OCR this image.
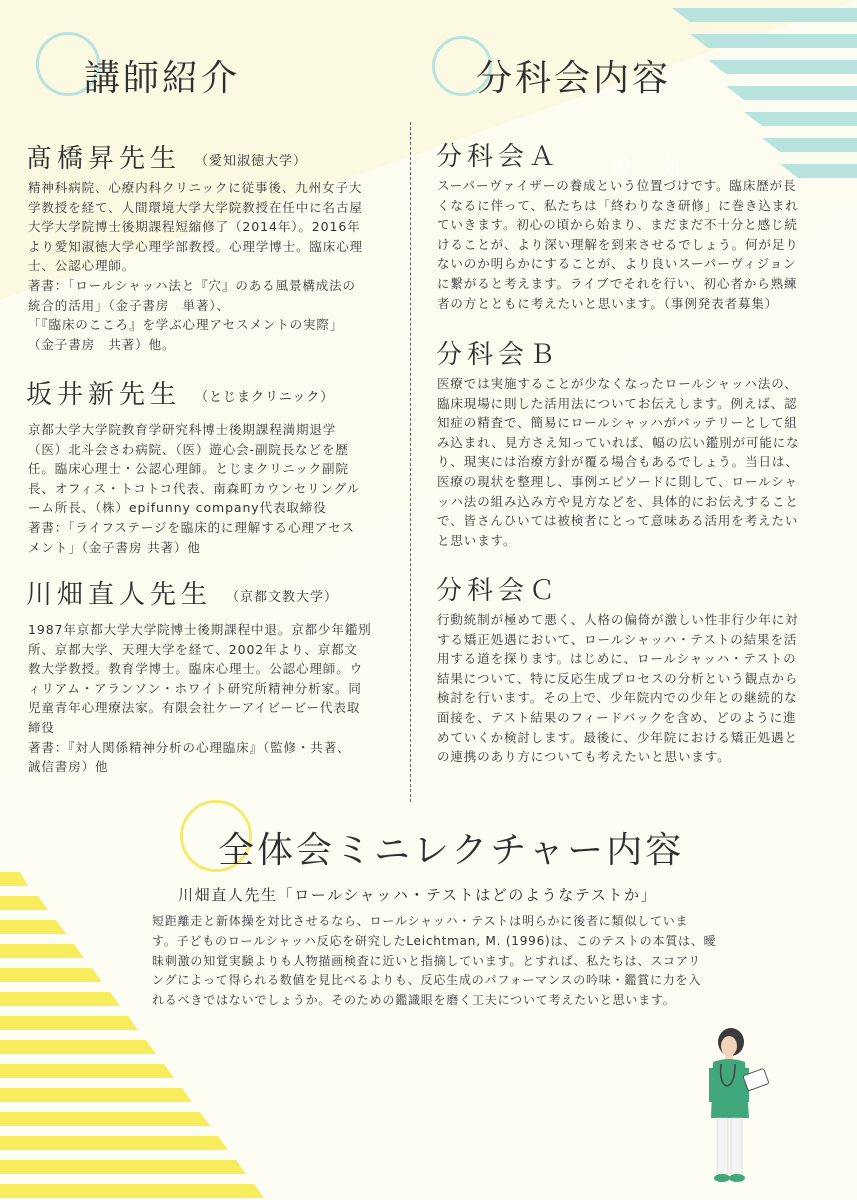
参 加
講師紹介	分科会内容
全体会ミニレクチャー内容
髙橋昇先生 （愛知淑徳大学）
精神科病院、心療内科クリニックに従事後、九州女子大
学教授を経て、人間環境大学大学院教授在任中に名古屋
大学大学院博士後期課程短縮修了（2014年）。2016年
より愛知淑徳大学心理学部教授。心理学博士。臨床心理
士、公認心理師。
著書：「ロールシャッハ法と『穴』のある風景構成法の
統合的活用」（金子書房　単著）、
「『臨床のこころ』を学ぶ心理アセスメントの実際」
（金子書房　共著）他。
坂井新先生 （とじまクリニック）
京都大学大学院教育学研究科博士後期課程満期退学
（医）北斗会さわ病院、（医）遊心会-副院長などを歴
任。臨床心理士・公認心理師。とじまクリニック副院
長、オフィス・トコトコ代表、南森町カウンセリングル
ーム所長、（株）epifunny company代表取締役
著書：「ライフステージを臨床的に理解する心理アセス
メント」（金子書房 共著）他
川畑直人先生 （京都文教大学）
1987年京都大学大学院博士後期課程中退。京都少年鑑別
所、京都大学、天理大学を経て、2002年より、京都文
教大学教授。教育学博士。臨床心理士。公認心理師。ウ
ィリアム・アランソン・ホワイト研究所精神分析家。同
児童青年心理療法家。有限会社ケーアイビービー代表取
締役
著書：『対人関係精神分析の心理臨床』（監修・共著、
誠信書房）他
分科会Ａ
スーパーヴァイザーの養成という位置づけです。臨床歴が長
くなるに伴って、私たちは「終わりなき研修」に巻き込まれ
ていきます。初心の頃から始まり、まだまだ不十分と感じ続
けることが、より深い理解を到来させるでしょう。何が足り
ないのか明らかにすることが、より良いスーパーヴィジョン
に繋がると考えます。ライブでそれを行い、初心者から熟練
者の方とともに考えたいと思います。（事例発表者募集）
分科会Ｂ
医療では実施することが少なくなったロールシャッハ法の、
臨床現場に則した活用法についてお伝えします。例えば、認
知症の精査で、簡易にロールシャッハがバッテリーとして組
み込まれ、見方さえ知っていれば、幅の広い鑑別が可能にな
り、現実には治療方針が覆る場合もあるでしょう。当日は、
医療の現状を整理し、事例エピソードに則して、ロールシャ
ッハ法の組み込み方や見方などを、具体的にお伝えすること
で、皆さんひいては被検者にとって意味ある活用を考えたい
と思います。
分科会Ｃ
行動統制が極めて悪く、人格の偏倚が激しい性非行少年に対
する矯正処遇において、ロールシャッハ・テストの結果を活
用する道を探ります。はじめに、ロールシャッハ・テストの
結果について、特に反応生成プロセスの分析という観点から
検討を行います。その上で、少年院内での少年との継続的な
面接を、テスト結果のフィードバックを含め、どのように進
めていくか検討します。最後に、少年院における矯正処遇と
の連携のあり方についても考えたいと思います。
川畑直人先生「ロールシャッハ・テストはどのようなテストか」
短距離走と新体操を対比させるなら、ロールシャッハ・テストは明らかに後者に類似していま
す。子どものロールシャッハ反応を研究したLeichtman, M. (1996)は、このテストの本質は、曖
昧刺激の知覚実験よりも人物描画検査に近いと指摘しています。とすれば、私たちは、スコアリ
ングによって得られる数値を見比べるよりも、反応生成のパフォーマンスの吟味・鑑賞に力を入
れるべきではないでしょうか。そのための鑑識眼を磨く工夫について考えたいと思います。
